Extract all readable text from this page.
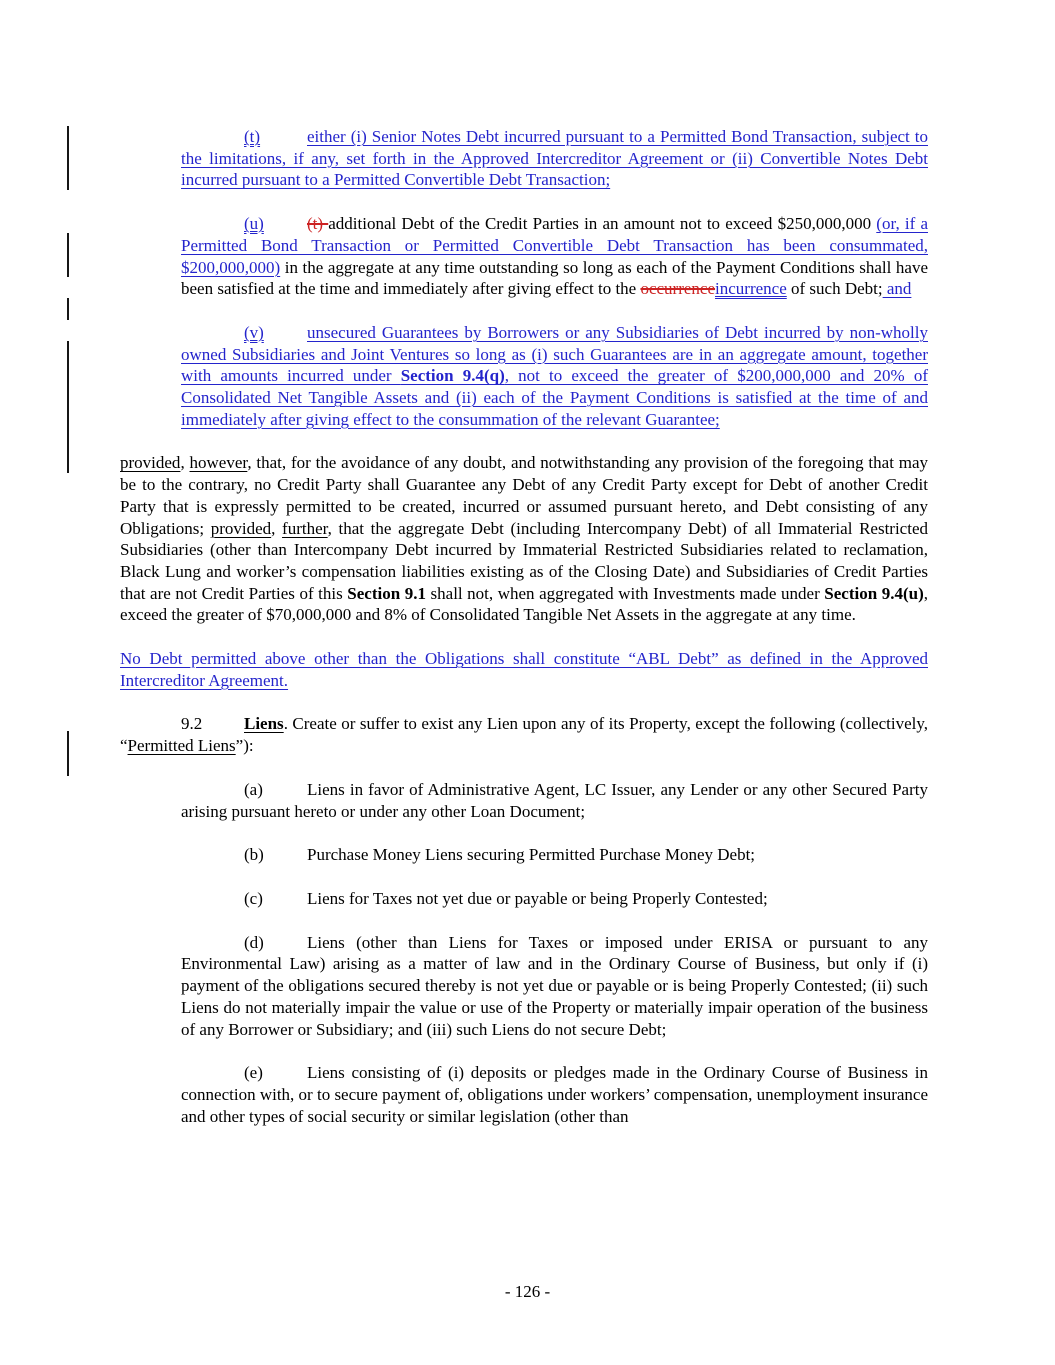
(t)	either (i) Senior Notes Debt incurred pursuant to a Permitted Bond Transaction, subject to the limitations, if any, set forth in the Approved Intercreditor Agreement or (ii) Convertible Notes Debt incurred pursuant to a Permitted Convertible Debt Transaction;

(u)	(t) additional Debt of the Credit Parties in an amount not to exceed $250,000,000 (or, if a Permitted Bond Transaction or Permitted Convertible Debt Transaction has been consummated, $200,000,000) in the aggregate at any time outstanding so long as each of the Payment Conditions shall have been satisfied at the time and immediately after giving effect to the occurrenceincurrence of such Debt; and

(v)	unsecured Guarantees by Borrowers or any Subsidiaries of Debt incurred by non-wholly owned Subsidiaries and Joint Ventures so long as (i) such Guarantees are in an aggregate amount, together with amounts incurred under Section 9.4(q), not to exceed the greater of $200,000,000 and 20% of Consolidated Net Tangible Assets and (ii) each of the Payment Conditions is satisfied at the time of and immediately after giving effect to the consummation of the relevant Guarantee;

provided, however, that, for the avoidance of any doubt, and notwithstanding any provision of the foregoing that may be to the contrary, no Credit Party shall Guarantee any Debt of any Credit Party except for Debt of another Credit Party that is expressly permitted to be created, incurred or assumed pursuant hereto, and Debt consisting of any Obligations; provided, further, that the aggregate Debt (including Intercompany Debt) of all Immaterial Restricted Subsidiaries (other than Intercompany Debt incurred by Immaterial Restricted Subsidiaries related to reclamation, Black Lung and worker’s compensation liabilities existing as of the Closing Date) and Subsidiaries of Credit Parties that are not Credit Parties of this Section 9.1 shall not, when aggregated with Investments made under Section 9.4(u), exceed the greater of $70,000,000 and 8% of Consolidated Tangible Net Assets in the aggregate at any time.

No Debt permitted above other than the Obligations shall constitute “ABL Debt” as defined in the Approved Intercreditor Agreement.

9.2 Liens. Create or suffer to exist any Lien upon any of its Property, except the following (collectively, “Permitted Liens”):

(a)	Liens in favor of Administrative Agent, LC Issuer, any Lender or any other Secured Party arising pursuant hereto or under any other Loan Document;

(b)	Purchase Money Liens securing Permitted Purchase Money Debt;

(c)	Liens for Taxes not yet due or payable or being Properly Contested;

(d)	Liens (other than Liens for Taxes or imposed under ERISA or pursuant to any Environmental Law) arising as a matter of law and in the Ordinary Course of Business, but only if (i) payment of the obligations secured thereby is not yet due or payable or is being Properly Contested; (ii) such Liens do not materially impair the value or use of the Property or materially impair operation of the business of any Borrower or Subsidiary; and (iii) such Liens do not secure Debt;

(e)	Liens consisting of (i) deposits or pledges made in the Ordinary Course of Business in connection with, or to secure payment of, obligations under workers’ compensation, unemployment insurance and other types of social security or similar legislation (other than

- 126 -
